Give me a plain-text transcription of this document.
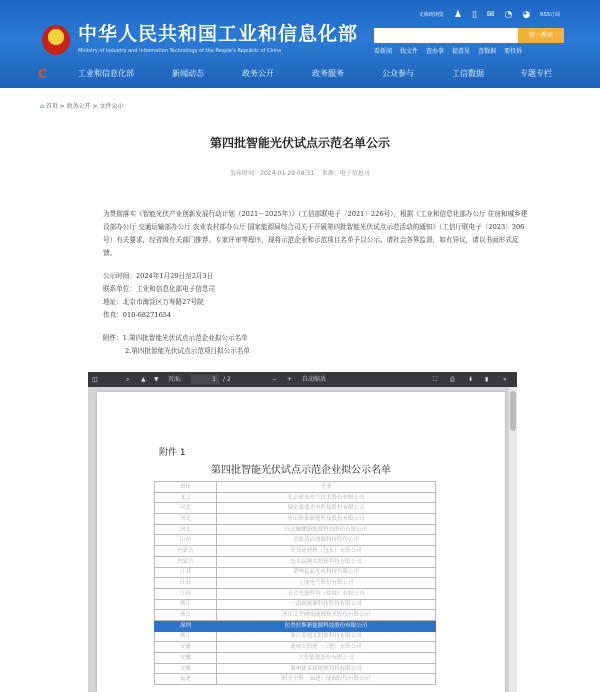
中华人民共和国工业和信息化部
Ministry of Industry and Information Technology of the People's Republic of China
无障碍浏览 ♟ ▯ ✉ ◔ ◕ RSS订阅
统一搜索
看新闻 找文件 查办事 提意见 查数据 要投诉
C	工业和信息化部	新闻动态	政务公开	政务服务	公众参与	工信数据	专题专栏
⌂ 首页 > 政务公开 > 文件公示
第四批智能光伏试点示范名单公示
发布时间：2024-01-29 08:31 来源：电子信息司

为贯彻落实《智能光伏产业创新发展行动计划（2021－2025年）》（工信部联电子〔2021〕226号），根据《工业和信息化部办公厅 住房和城乡建设部办公厅 交通运输部办公厅 农业农村部办公厅 国家能源局综合司关于开展第四批智能光伏试点示范活动的通知》（工信厅联电子〔2023〕306号）有关要求，经省级有关部门推荐、专家评审等程序，现将示范企业和示范项目名单予以公示。请社会各界监督，如有异议，请以书面形式反馈。

公示时间：2024年1月29日至2月3日

联系单位：工业和信息化部电子信息司

地址：北京市海淀区万寿路27号院

传真：010-68271654

附件：1.第四批智能光伏试点示范企业拟公示名单

2.第四批智能光伏试点示范项目拟公示名单

◫	⌕ ▲ ▼ 页面:	1	/ 2	− + 自动缩放	⛶ ⎙ ⬇ ▮ »
附件 1
第四批智能光伏试点示范企业拟公示名单
省份	企业
北京	北京索英电气技术股份有限公司
河北	保定嘉盛光电科技股份有限公司
河北	唐山海泰新能科技股份有限公司
河北	河北颐鹏新能源科技股份有限公司
山西	晋能清洁能源科技股份公司
内蒙古	英良硅材料（包头）有限公司
内蒙古	包头晶澳太阳能科技有限公司
江苏	常州亿晶光电科技有限公司
江苏	上能电气股份有限公司
江苏	天合光能科技（盐城）有限公司
浙江	一道新能源科技股份有限公司
浙江	浙江艾罗网络能源技术股份有限公司
深圳	拉普拉斯新能源科技股份有限公司
浙江	浙江爱旭太阳能科技有限公司
安徽	通威太阳能（合肥）有限公司
安徽	大恒能源股份有限公司
安徽	滁州捷泰新能源科技有限公司
福建	阳光中科（福建）能源股份有限公司
